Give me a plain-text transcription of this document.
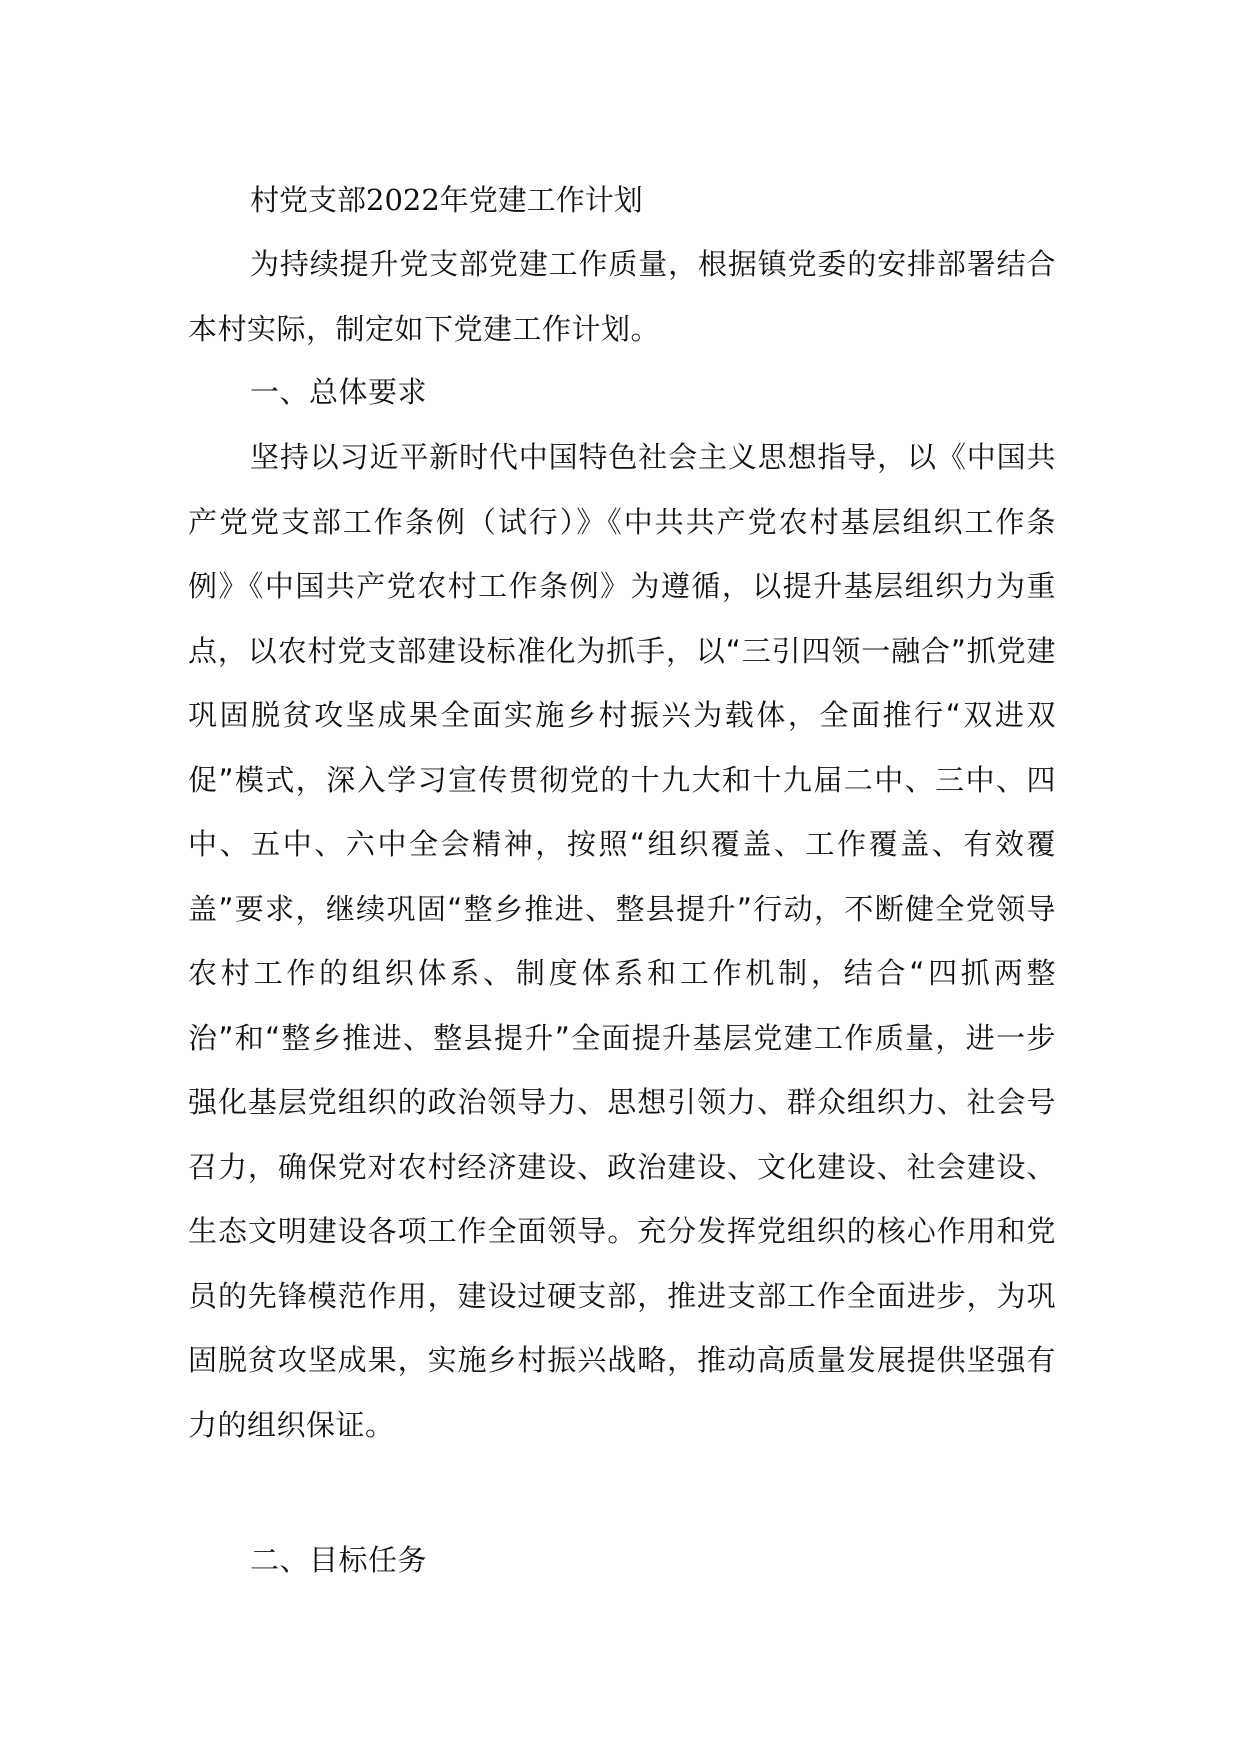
村党支部2022年党建工作计划

为持续提升党支部党建工作质量，根据镇党委的安排部署结合本村实际，制定如下党建工作计划。

一、总体要求

坚持以习近平新时代中国特色社会主义思想指导，以《中国共产党党支部工作条例（试行）》《中共共产党农村基层组织工作条例》《中国共产党农村工作条例》为遵循，以提升基层组织力为重点，以农村党支部建设标准化为抓手，以“三引四领一融合”抓党建巩固脱贫攻坚成果全面实施乡村振兴为载体，全面推行“双进双促”模式，深入学习宣传贯彻党的十九大和十九届二中、三中、四中、五中、六中全会精神，按照“组织覆盖、工作覆盖、有效覆盖”要求，继续巩固“整乡推进、整县提升”行动，不断健全党领导农村工作的组织体系、制度体系和工作机制，结合“四抓两整治”和“整乡推进、整县提升”全面提升基层党建工作质量，进一步强化基层党组织的政治领导力、思想引领力、群众组织力、社会号召力，确保党对农村经济建设、政治建设、文化建设、社会建设、生态文明建设各项工作全面领导。充分发挥党组织的核心作用和党员的先锋模范作用，建设过硬支部，推进支部工作全面进步，为巩固脱贫攻坚成果，实施乡村振兴战略，推动高质量发展提供坚强有力的组织保证。

二、目标任务
